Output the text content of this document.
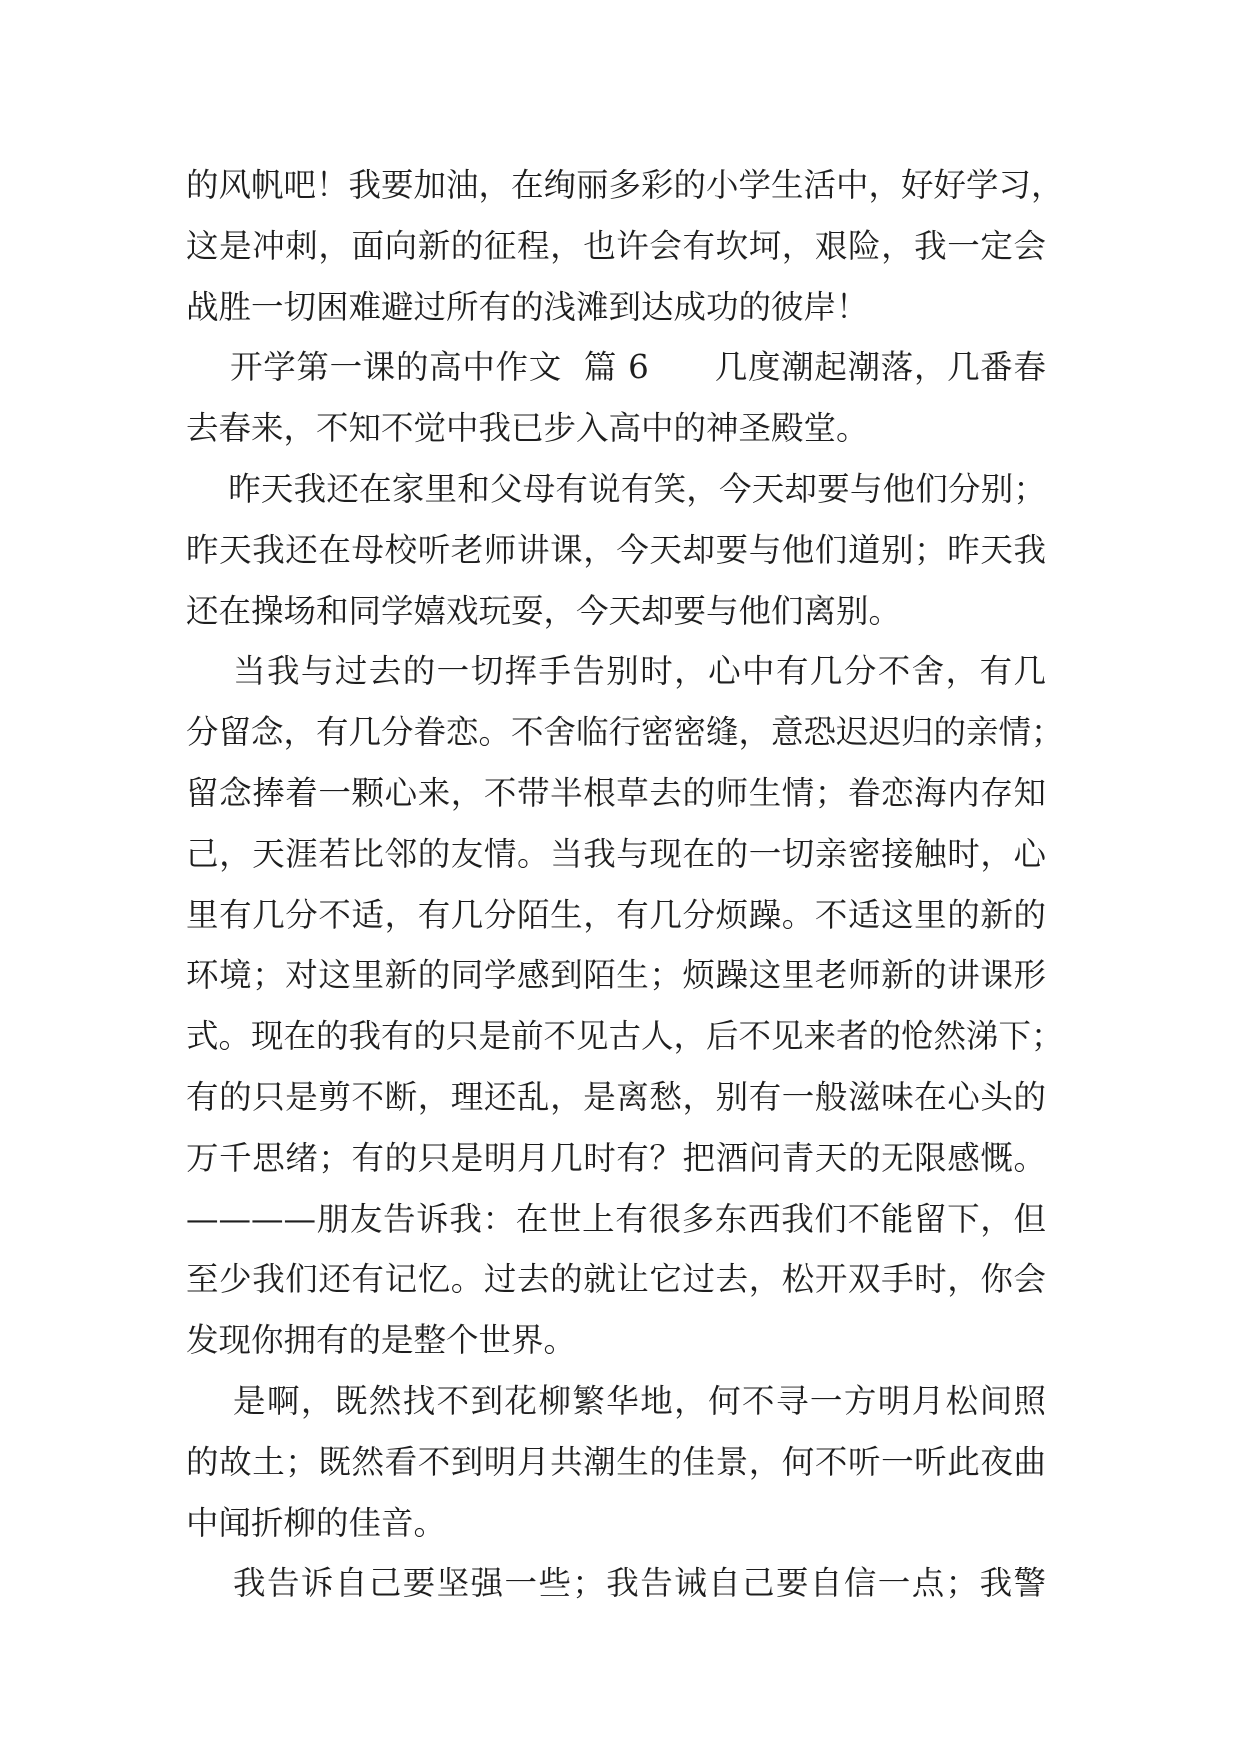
的风帆吧！我要加油，在绚丽多彩的小学生活中，好好学习，
这是冲刺，面向新的征程，也许会有坎坷，艰险，我一定会
战胜一切困难避过所有的浅滩到达成功的彼岸！
开学第一课的高中作文  篇 6      几度潮起潮落，几番春
去春来，不知不觉中我已步入高中的神圣殿堂。
昨天我还在家里和父母有说有笑，今天却要与他们分别；
昨天我还在母校听老师讲课，今天却要与他们道别；昨天我
还在操场和同学嬉戏玩耍，今天却要与他们离别。
当我与过去的一切挥手告别时，心中有几分不舍，有几
分留念，有几分眷恋。不舍临行密密缝，意恐迟迟归的亲情；
留念捧着一颗心来，不带半根草去的师生情；眷恋海内存知
己，天涯若比邻的友情。当我与现在的一切亲密接触时，心
里有几分不适，有几分陌生，有几分烦躁。不适这里的新的
环境；对这里新的同学感到陌生；烦躁这里老师新的讲课形
式。现在的我有的只是前不见古人，后不见来者的怆然涕下；
有的只是剪不断，理还乱，是离愁，别有一般滋味在心头的
万千思绪；有的只是明月几时有？把酒问青天的无限感慨。
————朋友告诉我：在世上有很多东西我们不能留下，但
至少我们还有记忆。过去的就让它过去，松开双手时，你会
发现你拥有的是整个世界。
是啊，既然找不到花柳繁华地，何不寻一方明月松间照
的故土；既然看不到明月共潮生的佳景，何不听一听此夜曲
中闻折柳的佳音。
我告诉自己要坚强一些；我告诫自己要自信一点；我警
